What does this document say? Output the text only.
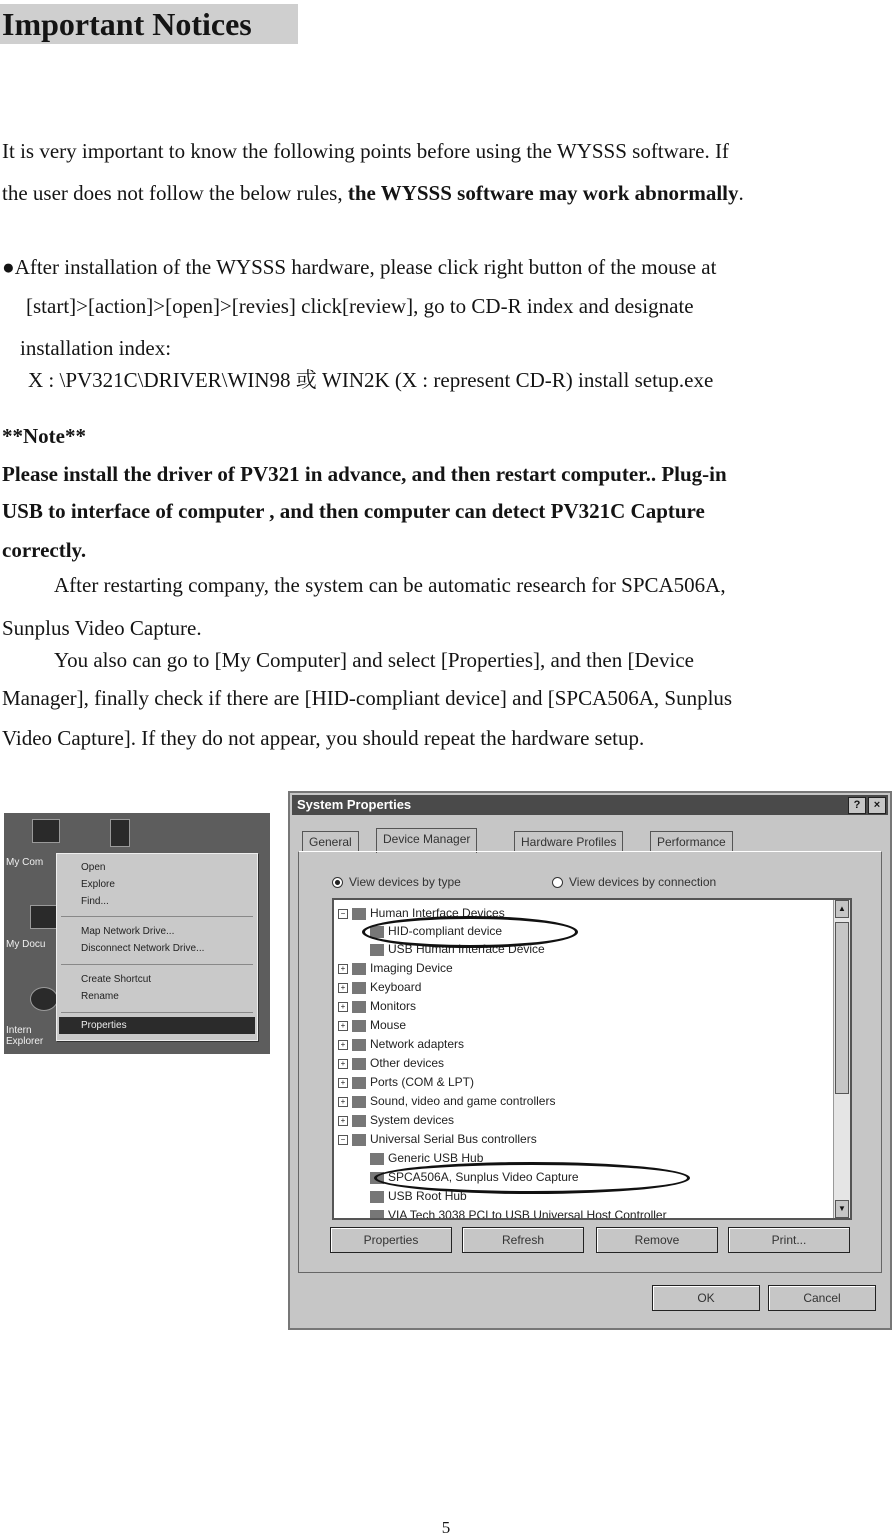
Important Notices
It is very important to know the following points before using the WYSSS software. If
the user does not follow the below rules, the WYSSS software may work abnormally.
●After installation of the WYSSS hardware, please click right button of the mouse at
[start]>[action]>[open]>[revies] click[review], go to CD-R index and designate
installation index:
X : \PV321C\DRIVER\WIN98 或 WIN2K (X : represent CD-R) install setup.exe
**Note**
Please install the driver of PV321 in advance, and then restart computer.. Plug-in
USB to interface of computer , and then computer can detect PV321C Capture
correctly.
After restarting company, the system can be automatic research for SPCA506A,
Sunplus Video Capture.
You also can go to [My Computer] and select [Properties], and then [Device
Manager], finally check if there are [HID-compliant device] and [SPCA506A, Sunplus
Video Capture]. If they do not appear, you should repeat the hardware setup.
My Com
My Docu
Intern Explorer
Open
Explore
Find...
Map Network Drive...
Disconnect Network Drive...
Create Shortcut
Rename
Properties
System Properties	?	×
General	Device Manager	Hardware Profiles	Performance
View devices by type	View devices by connection
− Human Interface Devices
HID-compliant device
USB Human Interface Device
+ Imaging Device
+ Keyboard
+ Monitors
+ Mouse
+ Network adapters
+ Other devices
+ Ports (COM & LPT)
+ Sound, video and game controllers
+ System devices
− Universal Serial Bus controllers
Generic USB Hub
SPCA506A, Sunplus Video Capture
USB Root Hub
VIA Tech 3038 PCI to USB Universal Host Controller
▲
▼
Properties	Refresh	Remove	Print...
OK	Cancel
5
